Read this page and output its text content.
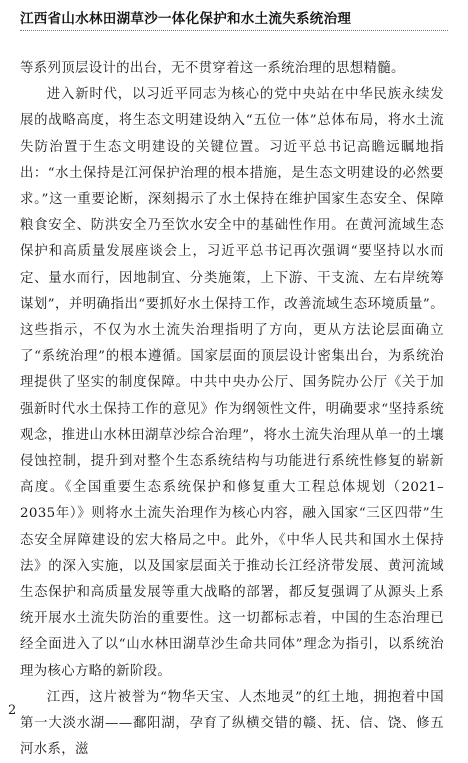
江西省山水林田湖草沙一体化保护和水土流失系统治理

等系列顶层设计的出台，无不贯穿着这一系统治理的思想精髓。

进入新时代，以习近平同志为核心的党中央站在中华民族永续发展的战略高度，将生态文明建设纳入“五位一体”总体布局，将水土流失防治置于生态文明建设的关键位置。习近平总书记高瞻远瞩地指出：“水土保持是江河保护治理的根本措施，是生态文明建设的必然要求。”这一重要论断，深刻揭示了水土保持在维护国家生态安全、保障粮食安全、防洪安全乃至饮水安全中的基础性作用。在黄河流域生态保护和高质量发展座谈会上，习近平总书记再次强调“要坚持以水而定、量水而行，因地制宜、分类施策，上下游、干支流、左右岸统筹谋划”，并明确指出“要抓好水土保持工作，改善流域生态环境质量”。这些指示，不仅为水土流失治理指明了方向，更从方法论层面确立了“系统治理”的根本遵循。国家层面的顶层设计密集出台，为系统治理提供了坚实的制度保障。中共中央办公厅、国务院办公厅《关于加强新时代水土保持工作的意见》作为纲领性文件，明确要求“坚持系统观念，推进山水林田湖草沙综合治理”，将水土流失治理从单一的土壤侵蚀控制，提升到对整个生态系统结构与功能进行系统性修复的崭新高度。《全国重要生态系统保护和修复重大工程总体规划（2021–2035年）》则将水土流失治理作为核心内容，融入国家“三区四带”生态安全屏障建设的宏大格局之中。此外，《中华人民共和国水土保持法》的深入实施，以及国家层面关于推动长江经济带发展、黄河流域生态保护和高质量发展等重大战略的部署，都反复强调了从源头上系统开展水土流失防治的重要性。这一切都标志着，中国的生态治理已经全面进入了以“山水林田湖草沙生命共同体”理念为指引，以系统治理为核心方略的新阶段。

江西，这片被誉为“物华天宝、人杰地灵”的红土地，拥抱着中国第一大淡水湖——鄱阳湖，孕育了纵横交错的赣、抚、信、饶、修五河水系，滋

2
